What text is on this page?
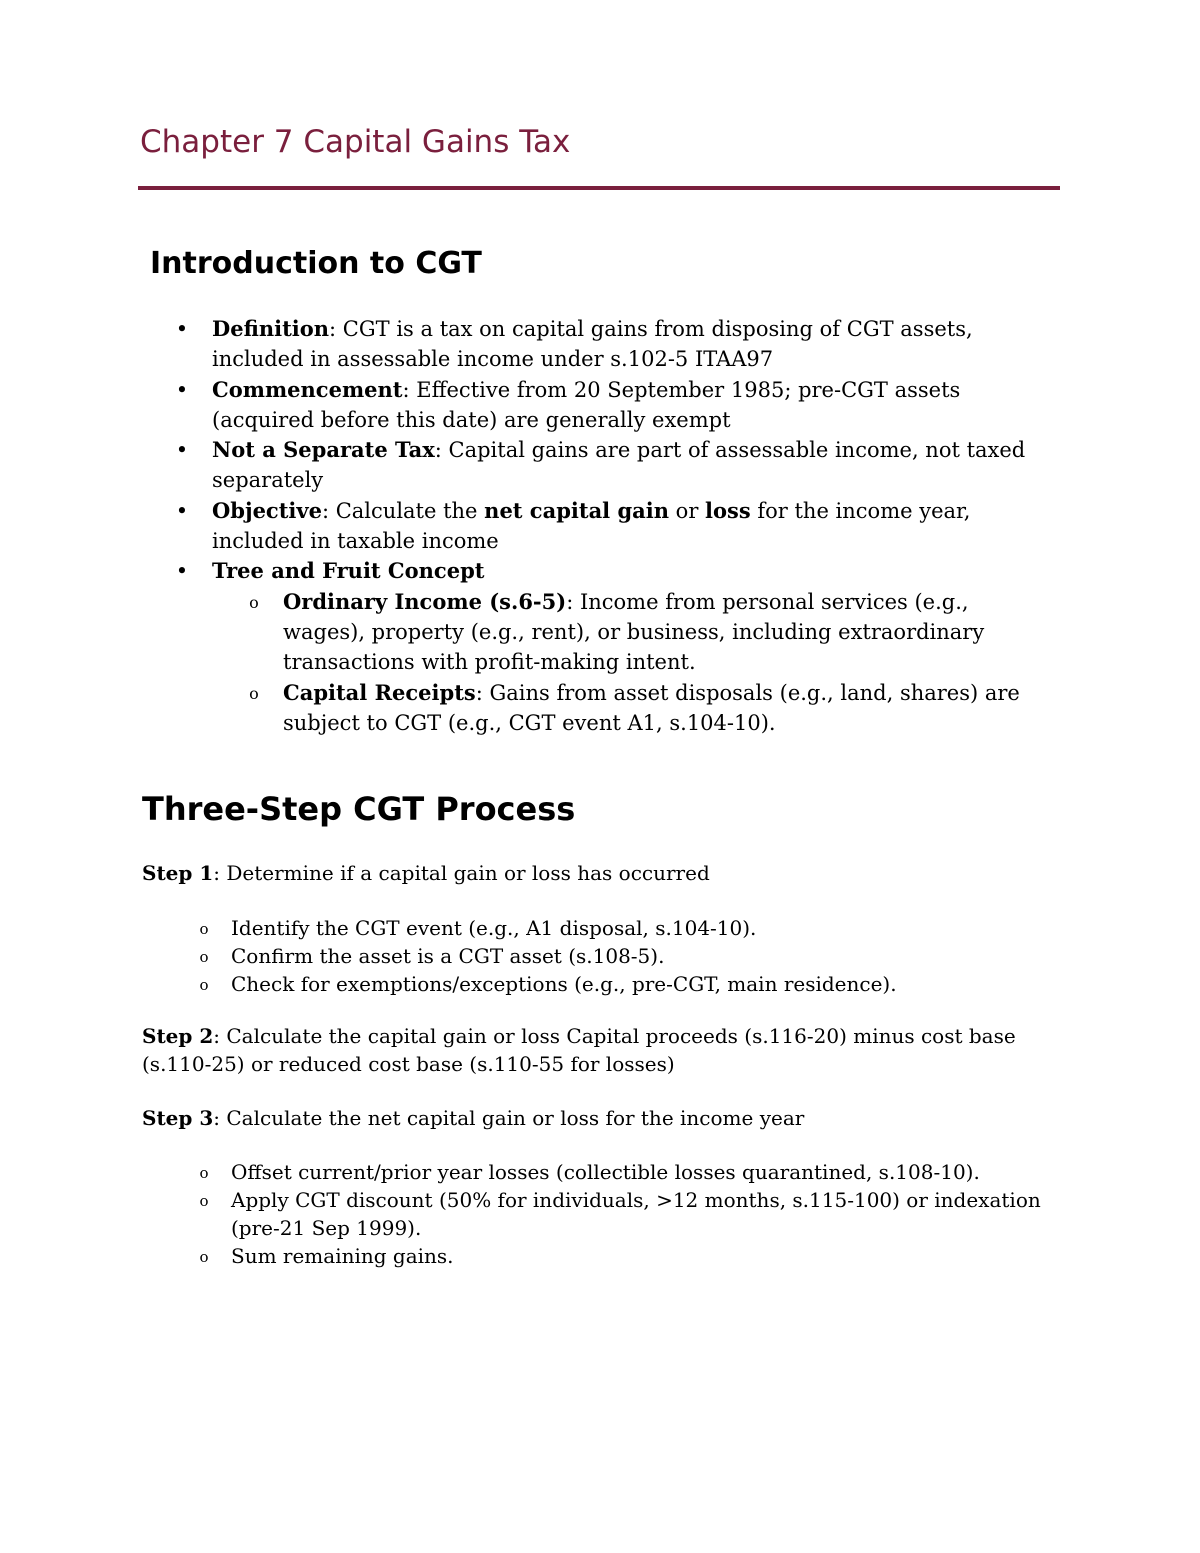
Chapter 7 Capital Gains Tax
Introduction to CGT
• Definition: CGT is a tax on capital gains from disposing of CGT assets, included in assessable income under s.102-5 ITAA97
• Commencement: Effective from 20 September 1985; pre-CGT assets (acquired before this date) are generally exempt
• Not a Separate Tax: Capital gains are part of assessable income, not taxed separately
• Objective: Calculate the net capital gain or loss for the income year, included in taxable income
• Tree and Fruit Concept
o Ordinary Income (s.6-5): Income from personal services (e.g., wages), property (e.g., rent), or business, including extraordinary transactions with profit-making intent.
o Capital Receipts: Gains from asset disposals (e.g., land, shares) are subject to CGT (e.g., CGT event A1, s.104-10).
Three-Step CGT Process

Step 1: Determine if a capital gain or loss has occurred

o Identify the CGT event (e.g., A1 disposal, s.104-10).
o Confirm the asset is a CGT asset (s.108-5).
o Check for exemptions/exceptions (e.g., pre-CGT, main residence).

Step 2: Calculate the capital gain or loss Capital proceeds (s.116-20) minus cost base (s.110-25) or reduced cost base (s.110-55 for losses)

Step 3: Calculate the net capital gain or loss for the income year

o Offset current/prior year losses (collectible losses quarantined, s.108-10).
o Apply CGT discount (50% for individuals, >12 months, s.115-100) or indexation (pre-21 Sep 1999).
o Sum remaining gains.
